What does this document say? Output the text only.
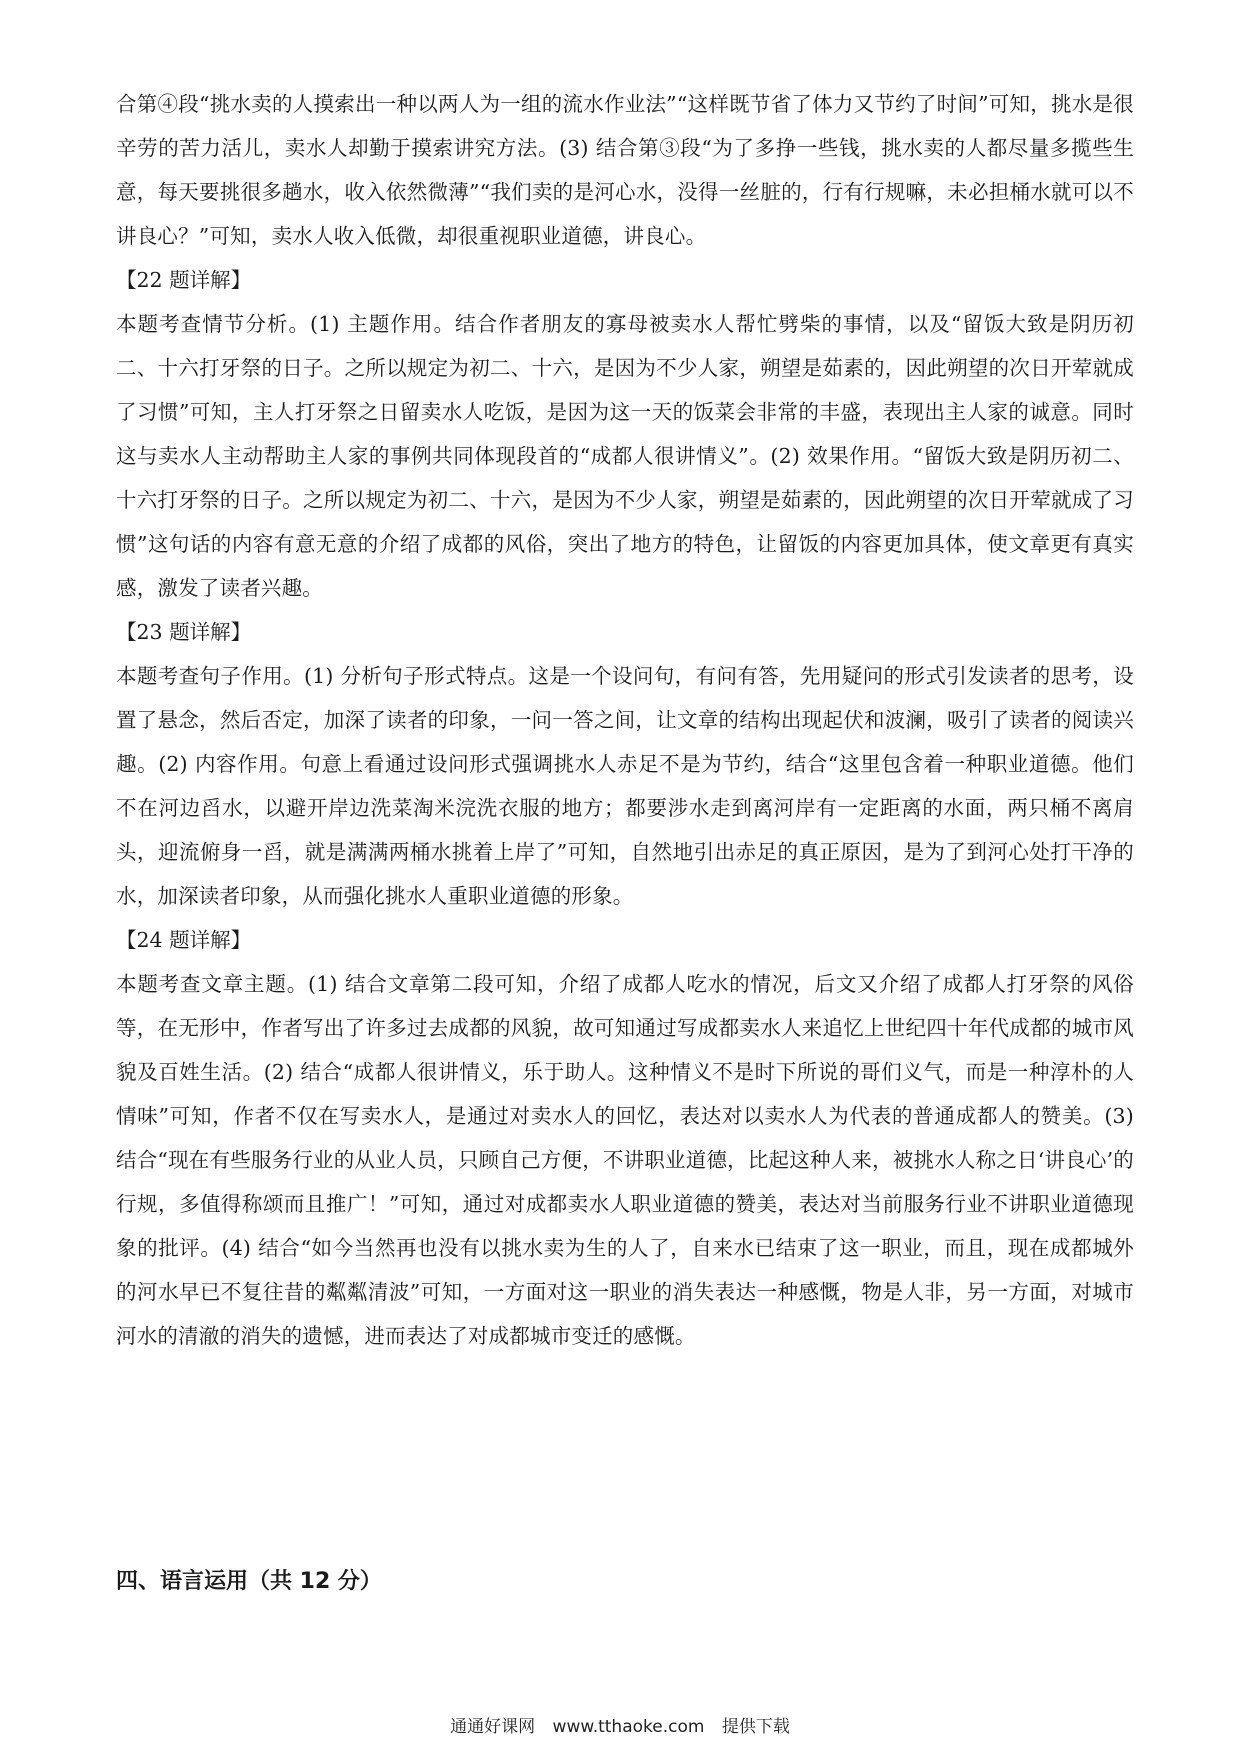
合第④段“挑水卖的人摸索出一种以两人为一组的流水作业法”“这样既节省了体力又节约了时间”可知，挑水是很辛劳的苦力活儿，卖水人却勤于摸索讲究方法。(3) 结合第③段“为了多挣一些钱，挑水卖的人都尽量多揽些生意，每天要挑很多趟水，收入依然微薄”“我们卖的是河心水，没得一丝脏的，行有行规嘛，未必担桶水就可以不讲良心？”可知，卖水人收入低微，却很重视职业道德，讲良心。

【22 题详解】

本题考查情节分析。(1) 主题作用。结合作者朋友的寡母被卖水人帮忙劈柴的事情，以及“留饭大致是阴历初二、十六打牙祭的日子。之所以规定为初二、十六，是因为不少人家，朔望是茹素的，因此朔望的次日开荤就成了习惯”可知，主人打牙祭之日留卖水人吃饭，是因为这一天的饭菜会非常的丰盛，表现出主人家的诚意。同时这与卖水人主动帮助主人家的事例共同体现段首的“成都人很讲情义”。(2) 效果作用。“留饭大致是阴历初二、十六打牙祭的日子。之所以规定为初二、十六，是因为不少人家，朔望是茹素的，因此朔望的次日开荤就成了习惯”这句话的内容有意无意的介绍了成都的风俗，突出了地方的特色，让留饭的内容更加具体，使文章更有真实感，激发了读者兴趣。

【23 题详解】

本题考查句子作用。(1) 分析句子形式特点。这是一个设问句，有问有答，先用疑问的形式引发读者的思考，设置了悬念，然后否定，加深了读者的印象，一问一答之间，让文章的结构出现起伏和波澜，吸引了读者的阅读兴趣。(2) 内容作用。句意上看通过设问形式强调挑水人赤足不是为节约，结合“这里包含着一种职业道德。他们不在河边舀水，以避开岸边洗菜淘米浣洗衣服的地方；都要涉水走到离河岸有一定距离的水面，两只桶不离肩头，迎流俯身一舀，就是满满两桶水挑着上岸了”可知，自然地引出赤足的真正原因，是为了到河心处打干净的水，加深读者印象，从而强化挑水人重职业道德的形象。

【24 题详解】

本题考查文章主题。(1) 结合文章第二段可知，介绍了成都人吃水的情况，后文又介绍了成都人打牙祭的风俗等，在无形中，作者写出了许多过去成都的风貌，故可知通过写成都卖水人来追忆上世纪四十年代成都的城市风貌及百姓生活。(2) 结合“成都人很讲情义，乐于助人。这种情义不是时下所说的哥们义气，而是一种淳朴的人情味”可知，作者不仅在写卖水人，是通过对卖水人的回忆，表达对以卖水人为代表的普通成都人的赞美。(3) 结合“现在有些服务行业的从业人员，只顾自己方便，不讲职业道德，比起这种人来，被挑水人称之日‘讲良心’的行规，多值得称颂而且推广！”可知，通过对成都卖水人职业道德的赞美，表达对当前服务行业不讲职业道德现象的批评。(4) 结合“如今当然再也没有以挑水卖为生的人了，自来水已结束了这一职业，而且，现在成都城外的河水早已不复往昔的粼粼清波”可知，一方面对这一职业的消失表达一种感慨，物是人非，另一方面，对城市河水的清澈的消失的遗憾，进而表达了对成都城市变迁的感慨。

四、语言运用（共 12 分）

通通好课网 www.tthaoke.com 提供下载
